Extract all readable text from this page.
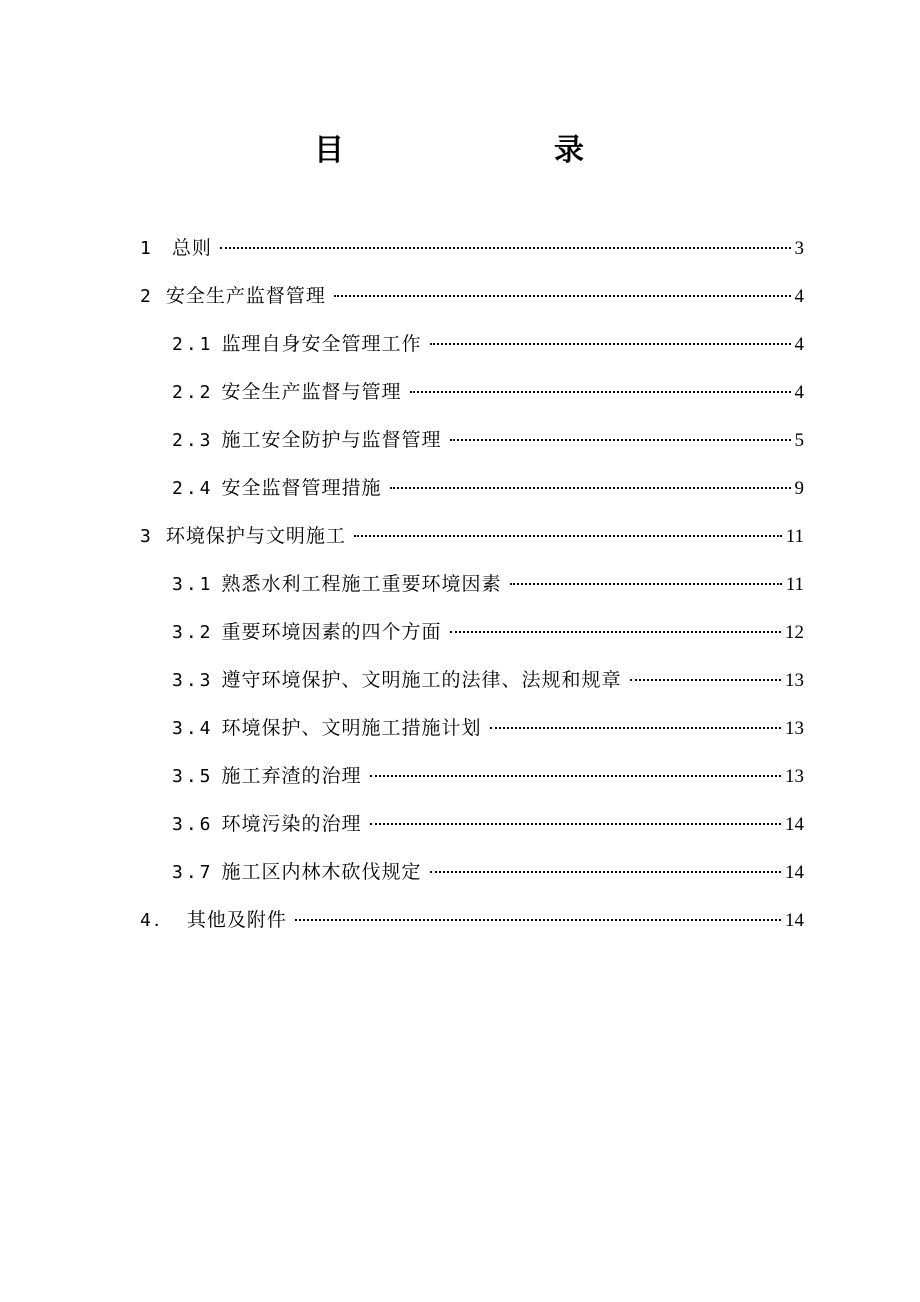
目　　录
1 总则	3
2 安全生产监督管理	4
2.1 监理自身安全管理工作	4
2.2 安全生产监督与管理	4
2.3 施工安全防护与监督管理	5
2.4 安全监督管理措施	9
3 环境保护与文明施工	11
3.1 熟悉水利工程施工重要环境因素	11
3.2 重要环境因素的四个方面	12
3.3 遵守环境保护、文明施工的法律、法规和规章	13
3.4 环境保护、文明施工措施计划	13
3.5 施工弃渣的治理	13
3.6 环境污染的治理	14
3.7 施工区内林木砍伐规定	14
4． 其他及附件	14
